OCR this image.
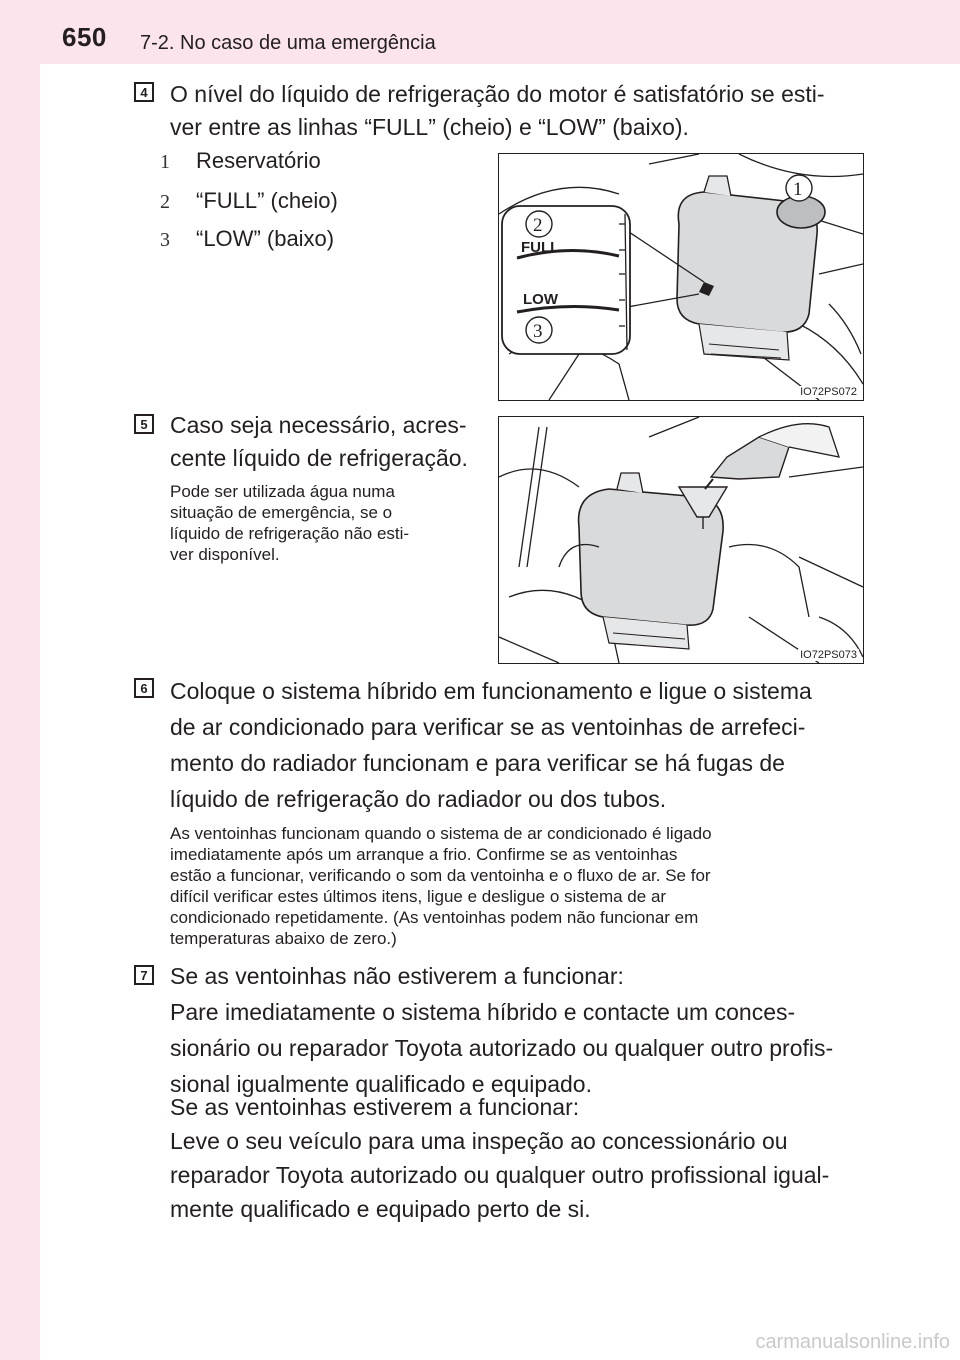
650 7-2. No caso de uma emergência
4 O nível do líquido de refrigeração do motor é satisfatório se esti-
ver entre as linhas “FULL” (cheio) e “LOW” (baixo).
1 Reservatório
2 “FULL” (cheio)
3 “LOW” (baixo)	FULL
LOW
2
3
1
IO72PS072
5 Caso seja necessário, acres-
cente líquido de refrigeração.
Pode ser utilizada água numa
situação de emergência, se o
líquido de refrigeração não esti-
ver disponível.
IO72PS073
6 Coloque o sistema híbrido em funcionamento e ligue o sistema
de ar condicionado para verificar se as ventoinhas de arrefeci-
mento do radiador funcionam e para verificar se há fugas de
líquido de refrigeração do radiador ou dos tubos.
As ventoinhas funcionam quando o sistema de ar condicionado é ligado
imediatamente após um arranque a frio. Confirme se as ventoinhas
estão a funcionar, verificando o som da ventoinha e o fluxo de ar. Se for
difícil verificar estes últimos itens, ligue e desligue o sistema de ar
condicionado repetidamente. (As ventoinhas podem não funcionar em
temperaturas abaixo de zero.)
7 Se as ventoinhas não estiverem a funcionar:
Pare imediatamente o sistema híbrido e contacte um conces-
sionário ou reparador Toyota autorizado ou qualquer outro profis-
sional igualmente qualificado e equipado.
Se as ventoinhas estiverem a funcionar:
Leve o seu veículo para uma inspeção ao concessionário ou
reparador Toyota autorizado ou qualquer outro profissional igual-
mente qualificado e equipado perto de si.
carmanualsonline.info
